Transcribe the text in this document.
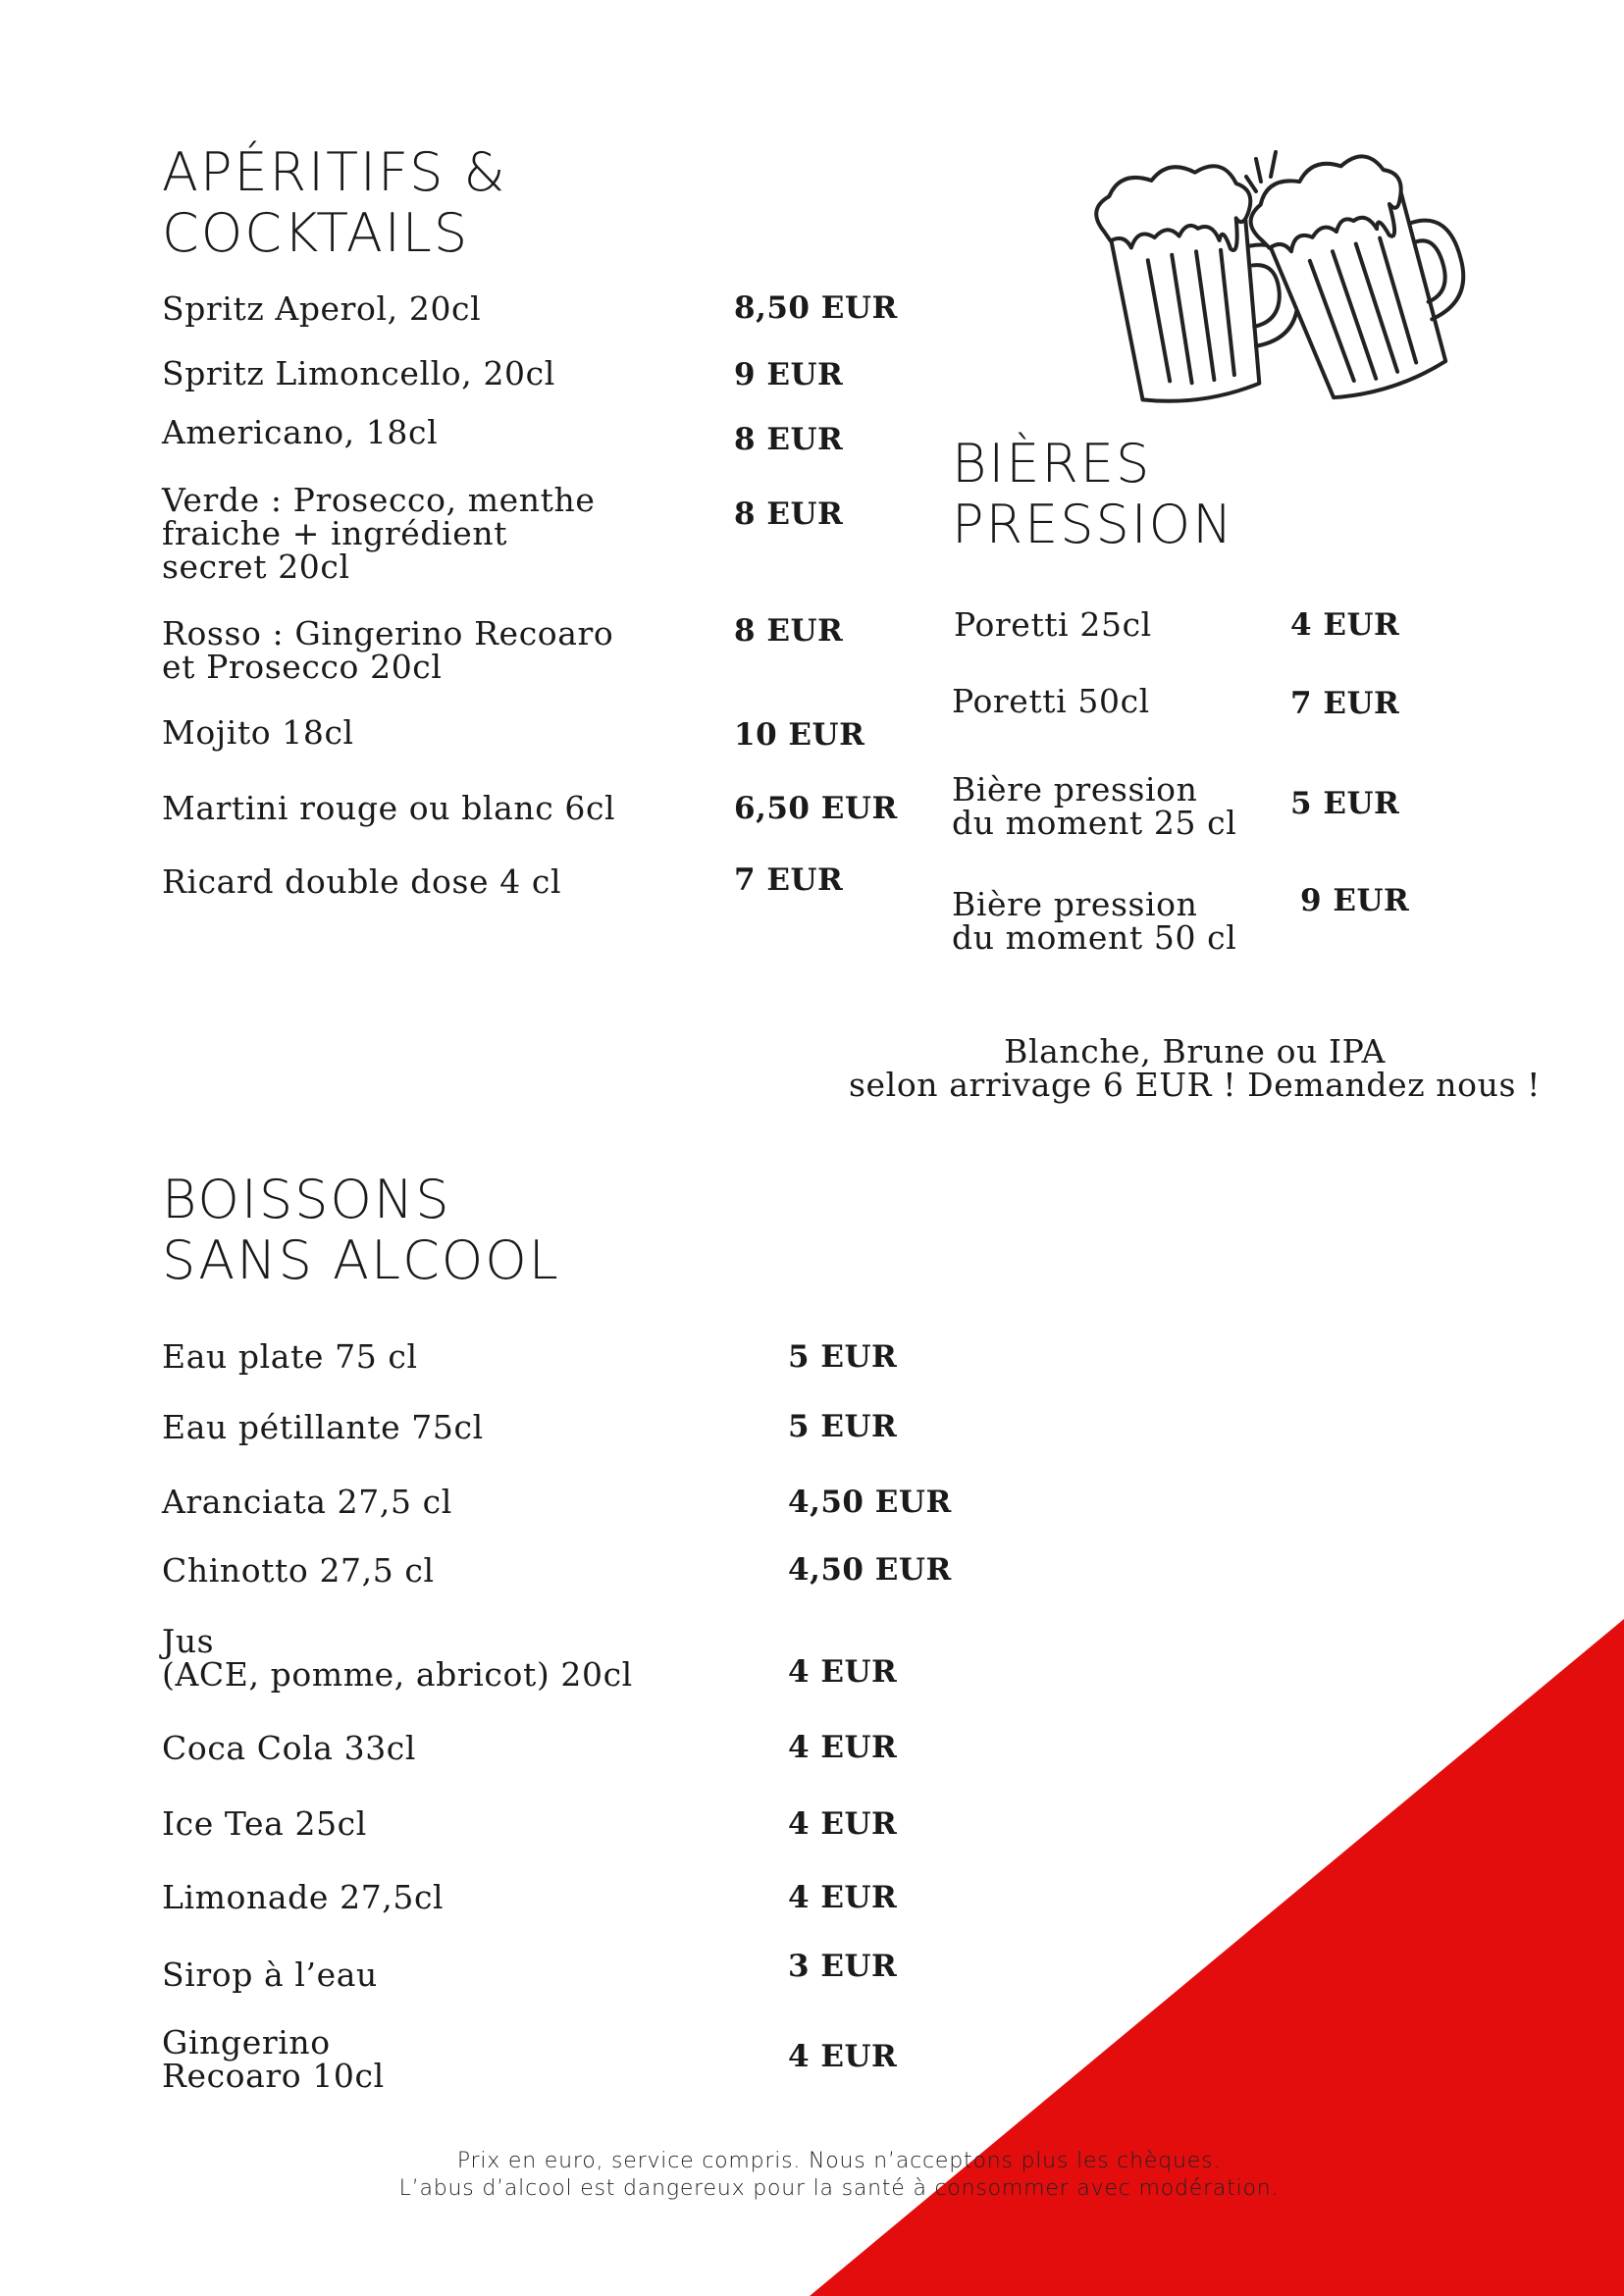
APÉRITIFS &
COCKTAILS
Spritz Aperol, 20cl	8,50 EUR
Spritz Limoncello, 20cl	9 EUR
Americano, 18cl	8 EUR
Verde : Prosecco, menthe
fraiche + ingrédient
secret 20cl
8 EUR
Rosso : Gingerino Recoaro
et Prosecco 20cl
8 EUR
Mojito 18cl	10 EUR
Martini rouge ou blanc 6cl	6,50 EUR
Ricard double dose 4 cl	7 EUR
BIÈRES
PRESSION
Poretti 25cl	4 EUR
Poretti 50cl	7 EUR
Bière pression
du moment 25 cl 5 EUR
Bière pression
du moment 50 cl
9 EUR
Blanche, Brune ou IPA
selon arrivage 6 EUR ! Demandez nous !
BOISSONS
SANS ALCOOL
Eau plate 75 cl	5 EUR
Eau pétillante 75cl	5 EUR
Aranciata 27,5 cl	4,50 EUR
Chinotto 27,5 cl	4,50 EUR
Jus
(ACE, pomme, abricot) 20cl	4 EUR
Coca Cola 33cl	4 EUR
Ice Tea 25cl	4 EUR
Limonade 27,5cl	4 EUR
Sirop à l’eau	3 EUR
Gingerino
Recoaro 10cl	4 EUR
Prix en euro, service compris. Nous n’acceptons plus les chèques.
L’abus d’alcool est dangereux pour la santé à consommer avec modération.
